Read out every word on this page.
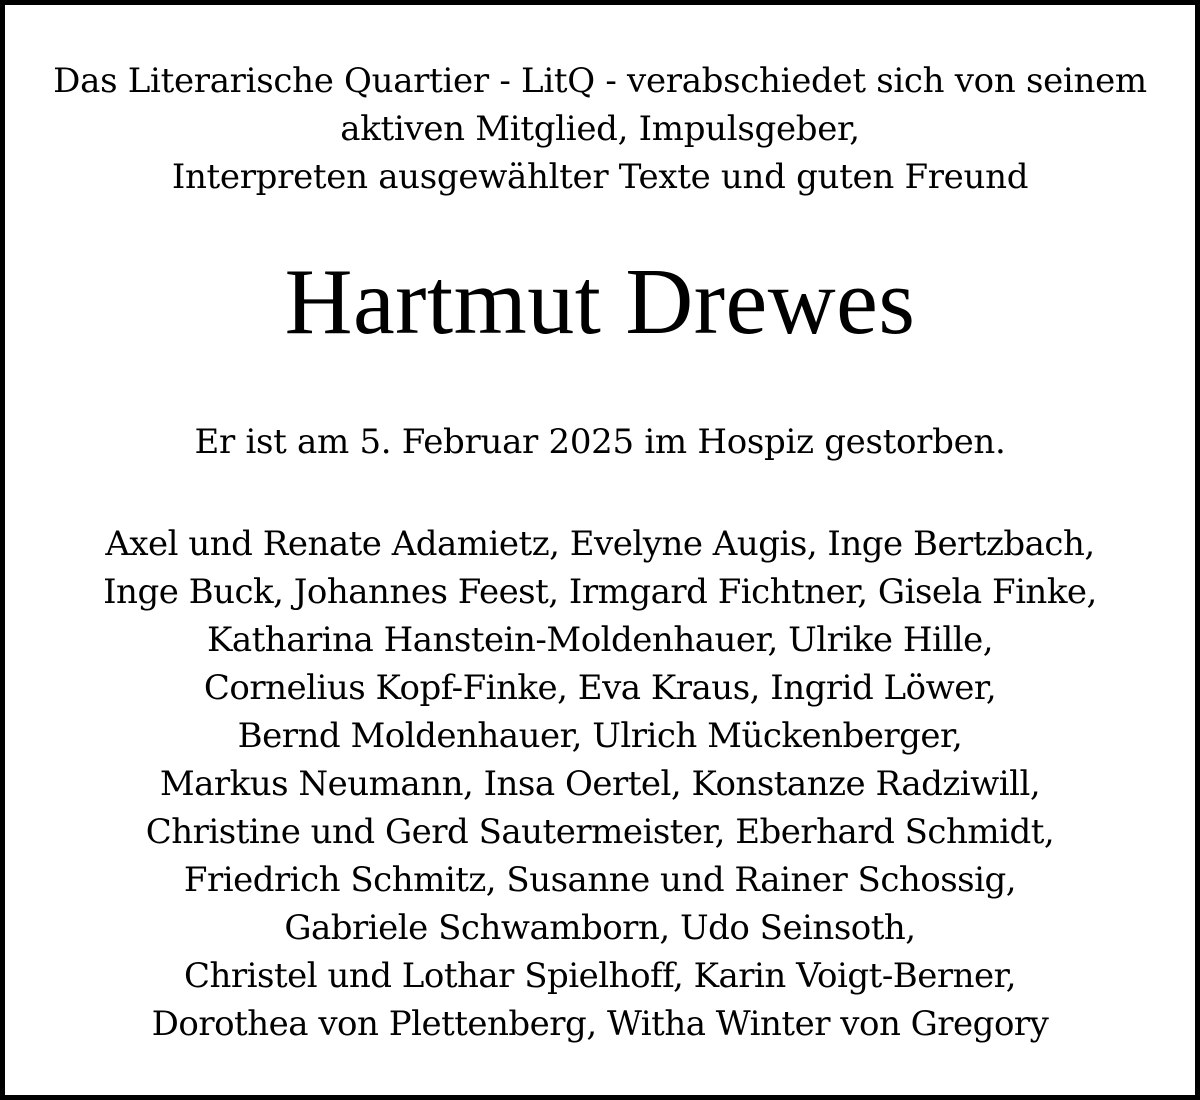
Das Literarische Quartier - LitQ - verabschiedet sich von seinem
aktiven Mitglied, Impulsgeber,
Interpreten ausgewählter Texte und guten Freund
Hartmut Drewes
Er ist am 5. Februar 2025 im Hospiz gestorben.
Axel und Renate Adamietz, Evelyne Augis, Inge Bertzbach,
Inge Buck, Johannes Feest, Irmgard Fichtner, Gisela Finke,
Katharina Hanstein-Moldenhauer, Ulrike Hille,
Cornelius Kopf-Finke, Eva Kraus, Ingrid Löwer,
Bernd Moldenhauer, Ulrich Mückenberger,
Markus Neumann, Insa Oertel, Konstanze Radziwill,
Christine und Gerd Sautermeister, Eberhard Schmidt,
Friedrich Schmitz, Susanne und Rainer Schossig,
Gabriele Schwamborn, Udo Seinsoth,
Christel und Lothar Spielhoff, Karin Voigt-Berner,
Dorothea von Plettenberg, Witha Winter von Gregory
